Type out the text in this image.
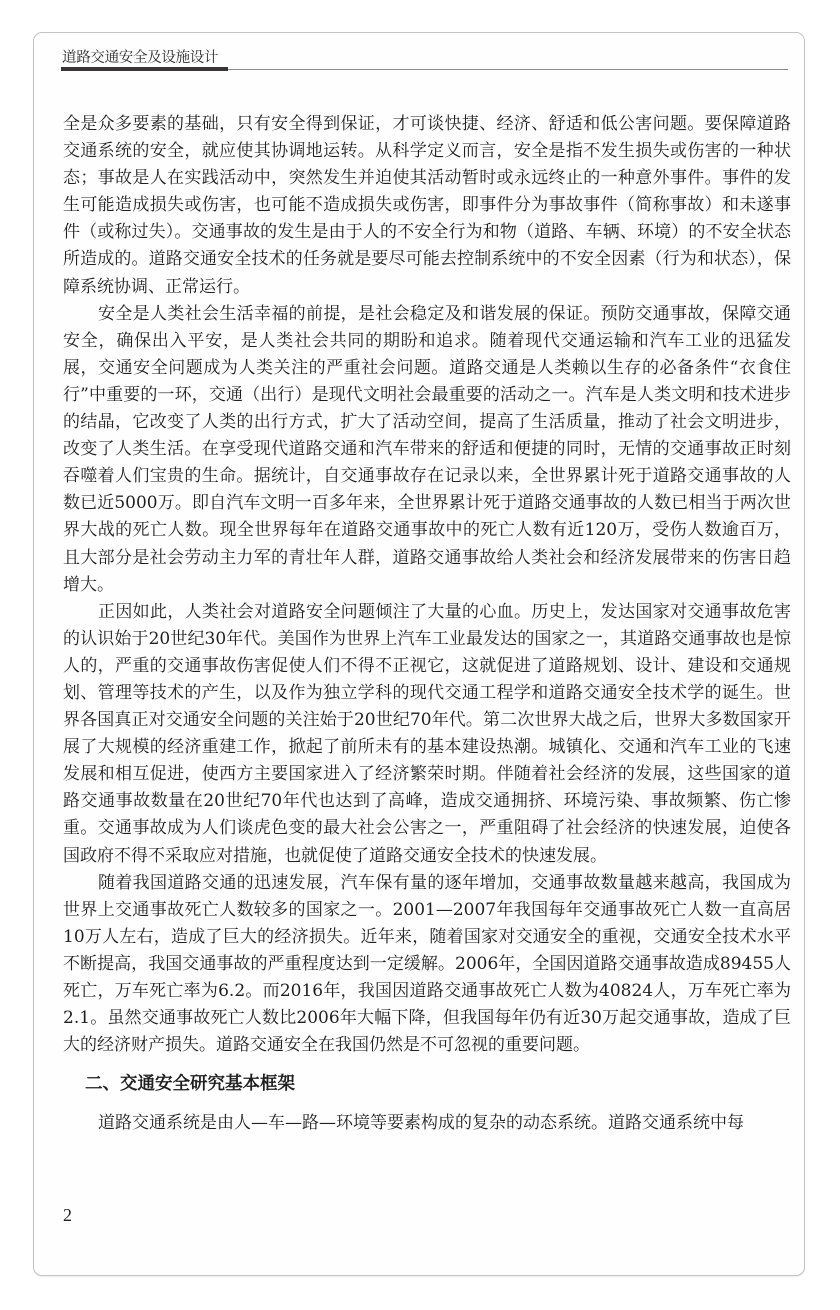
道路交通安全及设施设计

全是众多要素的基础，只有安全得到保证，才可谈快捷、经济、舒适和低公害问题。要保障道路交通系统的安全，就应使其协调地运转。从科学定义而言，安全是指不发生损失或伤害的一种状态；事故是人在实践活动中，突然发生并迫使其活动暂时或永远终止的一种意外事件。事件的发生可能造成损失或伤害，也可能不造成损失或伤害，即事件分为事故事件（简称事故）和未遂事件（或称过失）。交通事故的发生是由于人的不安全行为和物（道路、车辆、环境）的不安全状态所造成的。道路交通安全技术的任务就是要尽可能去控制系统中的不安全因素（行为和状态），保障系统协调、正常运行。

安全是人类社会生活幸福的前提，是社会稳定及和谐发展的保证。预防交通事故，保障交通安全，确保出入平安，是人类社会共同的期盼和追求。随着现代交通运输和汽车工业的迅猛发展，交通安全问题成为人类关注的严重社会问题。道路交通是人类赖以生存的必备条件“衣食住行”中重要的一环，交通（出行）是现代文明社会最重要的活动之一。汽车是人类文明和技术进步的结晶，它改变了人类的出行方式，扩大了活动空间，提高了生活质量，推动了社会文明进步，改变了人类生活。在享受现代道路交通和汽车带来的舒适和便捷的同时，无情的交通事故正时刻吞噬着人们宝贵的生命。据统计，自交通事故存在记录以来，全世界累计死于道路交通事故的人数已近5000万。即自汽车文明一百多年来，全世界累计死于道路交通事故的人数已相当于两次世界大战的死亡人数。现全世界每年在道路交通事故中的死亡人数有近120万，受伤人数逾百万，且大部分是社会劳动主力军的青壮年人群，道路交通事故给人类社会和经济发展带来的伤害日趋增大。

正因如此，人类社会对道路安全问题倾注了大量的心血。历史上，发达国家对交通事故危害的认识始于20世纪30年代。美国作为世界上汽车工业最发达的国家之一，其道路交通事故也是惊人的，严重的交通事故伤害促使人们不得不正视它，这就促进了道路规划、设计、建设和交通规划、管理等技术的产生，以及作为独立学科的现代交通工程学和道路交通安全技术学的诞生。世界各国真正对交通安全问题的关注始于20世纪70年代。第二次世界大战之后，世界大多数国家开展了大规模的经济重建工作，掀起了前所未有的基本建设热潮。城镇化、交通和汽车工业的飞速发展和相互促进，使西方主要国家进入了经济繁荣时期。伴随着社会经济的发展，这些国家的道路交通事故数量在20世纪70年代也达到了高峰，造成交通拥挤、环境污染、事故频繁、伤亡惨重。交通事故成为人们谈虎色变的最大社会公害之一，严重阻碍了社会经济的快速发展，迫使各国政府不得不采取应对措施，也就促使了道路交通安全技术的快速发展。

随着我国道路交通的迅速发展，汽车保有量的逐年增加，交通事故数量越来越高，我国成为世界上交通事故死亡人数较多的国家之一。2001—2007年我国每年交通事故死亡人数一直高居10万人左右，造成了巨大的经济损失。近年来，随着国家对交通安全的重视，交通安全技术水平不断提高，我国交通事故的严重程度达到一定缓解。2006年，全国因道路交通事故造成89455人死亡，万车死亡率为6.2。而2016年，我国因道路交通事故死亡人数为40824人，万车死亡率为2.1。虽然交通事故死亡人数比2006年大幅下降，但我国每年仍有近30万起交通事故，造成了巨大的经济财产损失。道路交通安全在我国仍然是不可忽视的重要问题。

二、交通安全研究基本框架

道路交通系统是由人—车—路—环境等要素构成的复杂的动态系统。道路交通系统中每

2
